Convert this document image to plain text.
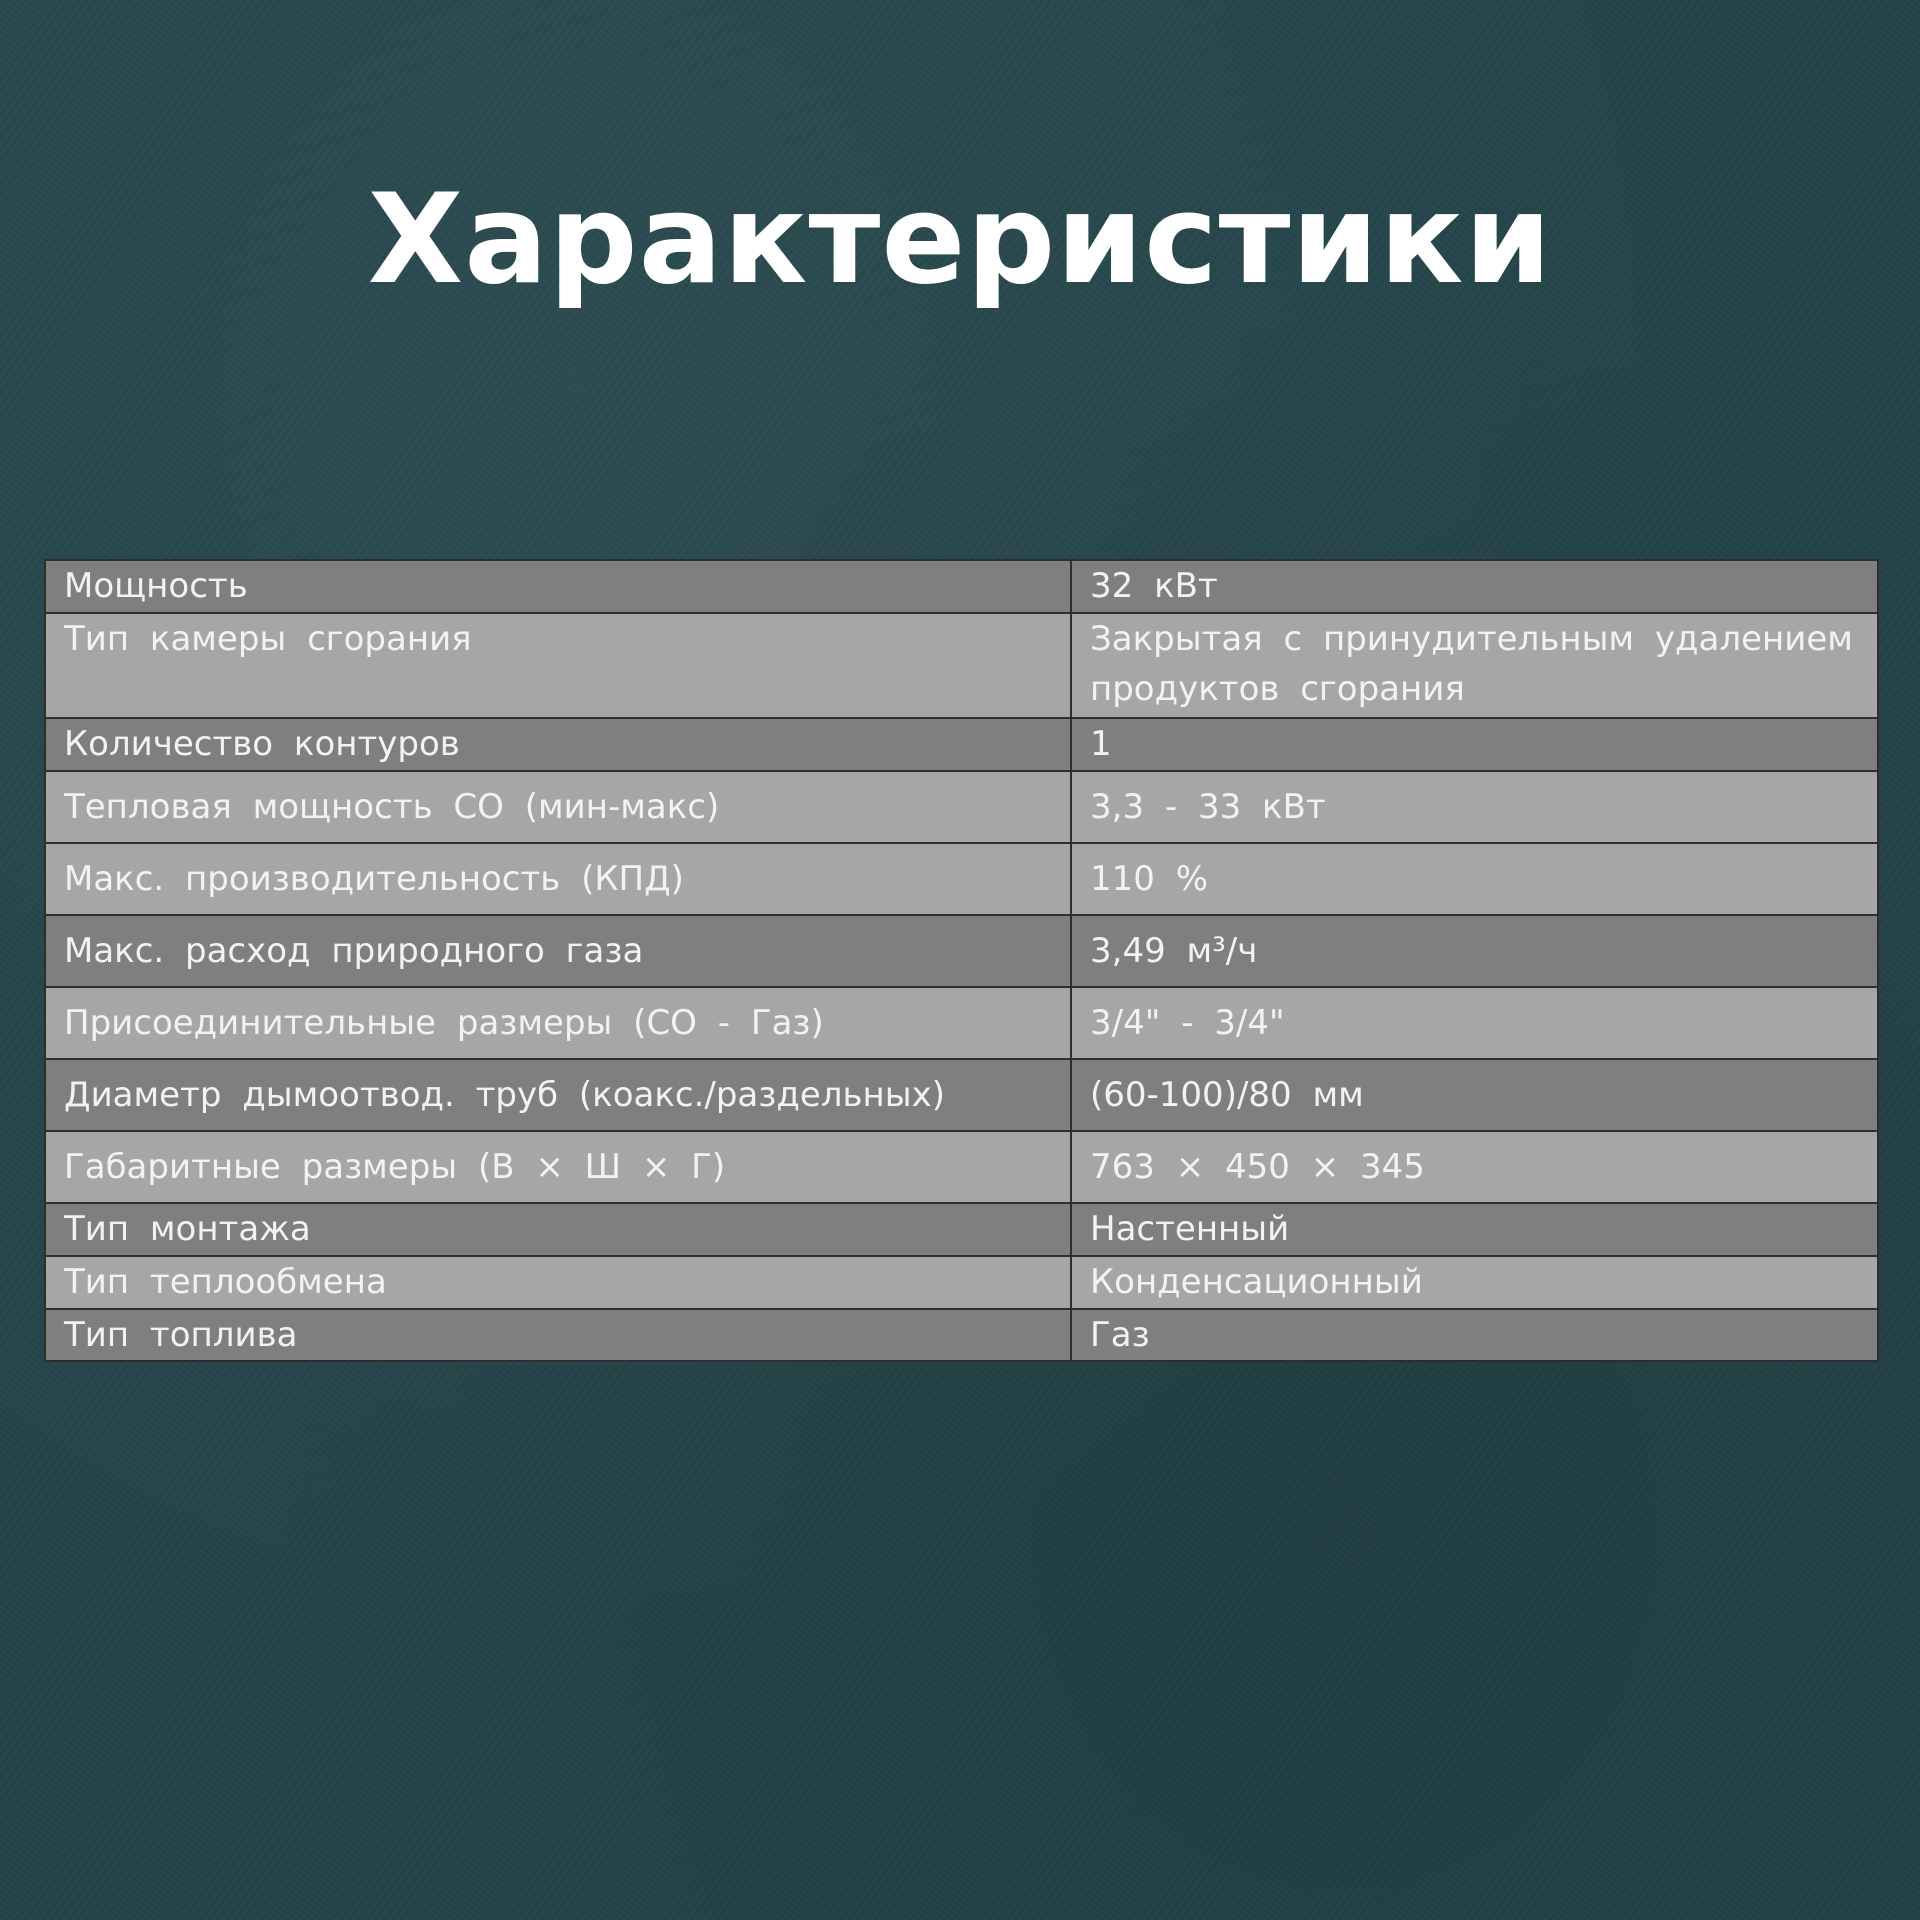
Характеристики
Мощность	32 кВт
Тип камеры сгорания	Закрытая с принудительным удалением продуктов сгорания
Количество контуров	1
Тепловая мощность СО (мин-макс)	3,3 - 33 кВт
Макс. производительность (КПД)	110 %
Макс. расход природного газа	3,49 м³/ч
Присоединительные размеры (СО - Газ)	3/4" - 3/4"
Диаметр дымоотвод. труб (коакс./раздельных)	(60-100)/80 мм
Габаритные размеры (В × Ш × Г)	763 × 450 × 345
Тип монтажа	Настенный
Тип теплообмена	Конденсационный
Тип топлива	Газ
